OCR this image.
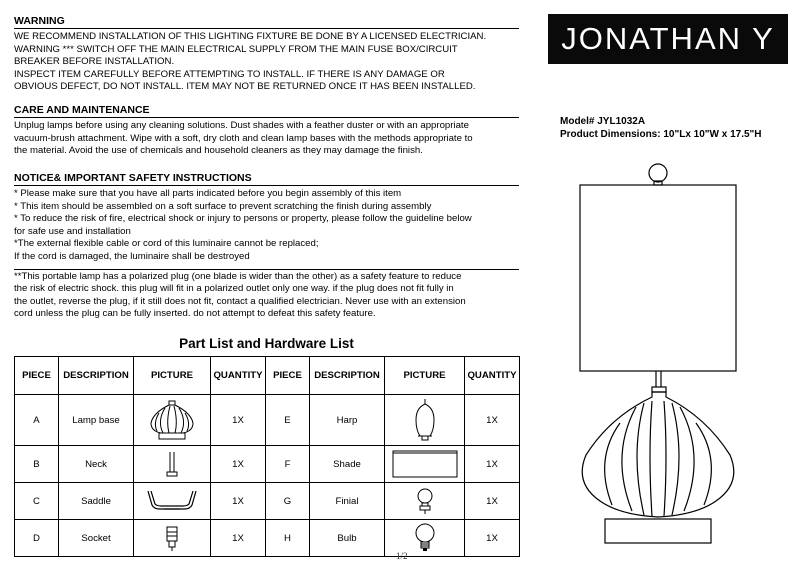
WARNING
WE RECOMMEND INSTALLATION OF THIS LIGHTING FIXTURE BE DONE BY A LICENSED ELECTRICIAN.
WARNING *** SWITCH OFF THE MAIN ELECTRICAL SUPPLY FROM THE MAIN FUSE BOX/CIRCUIT
BREAKER BEFORE INSTALLATION.
INSPECT ITEM CAREFULLY BEFORE ATTEMPTING TO INSTALL. IF THERE IS ANY DAMAGE OR
OBVIOUS DEFECT, DO NOT INSTALL. ITEM MAY NOT BE RETURNED ONCE IT HAS BEEN INSTALLED.
CARE AND MAINTENANCE
Unplug lamps before using any cleaning solutions. Dust shades with a feather duster or with an appropriate
vacuum-brush attachment. Wipe with a soft, dry cloth and clean lamp bases with the methods appropriate to
the material. Avoid the use of chemicals and household cleaners as they may damage the finish.
NOTICE& IMPORTANT SAFETY INSTRUCTIONS
* Please make sure that you have all parts indicated before you begin assembly of this item
* This item should be assembled on a soft surface to prevent scratching the finish during assembly
* To reduce the risk of fire, electrical shock or injury to persons or property, please follow the guideline below
for safe use and installation
*The external flexible cable or cord of this luminaire cannot be replaced;
If the cord is damaged, the luminaire shall be destroyed
**This portable lamp has a polarized plug (one blade is wider than the other) as a safety feature to reduce
the risk of electric shock. this plug will fit in a polarized outlet only one way. if the plug does not fit fully in
the outlet, reverse the plug, if it still does not fit, contact a qualified electrician. Never use with an extension
cord unless the plug can be fully inserted. do not attempt to defeat this safety feature.
JONATHAN Y
Model# JYL1032A
Product Dimensions: 10"Lx 10"W x 17.5"H
Part List and Hardware List
PIECE	DESCRIPTION	PICTURE	QUANTITY	PIECE	DESCRIPTION	PICTURE	QUANTITY
A	Lamp base		1X	E	Harp		1X
B	Neck		1X	F	Shade		1X
C	Saddle		1X	G	Finial		1X
D	Socket		1X	H	Bulb		1X
1/2
